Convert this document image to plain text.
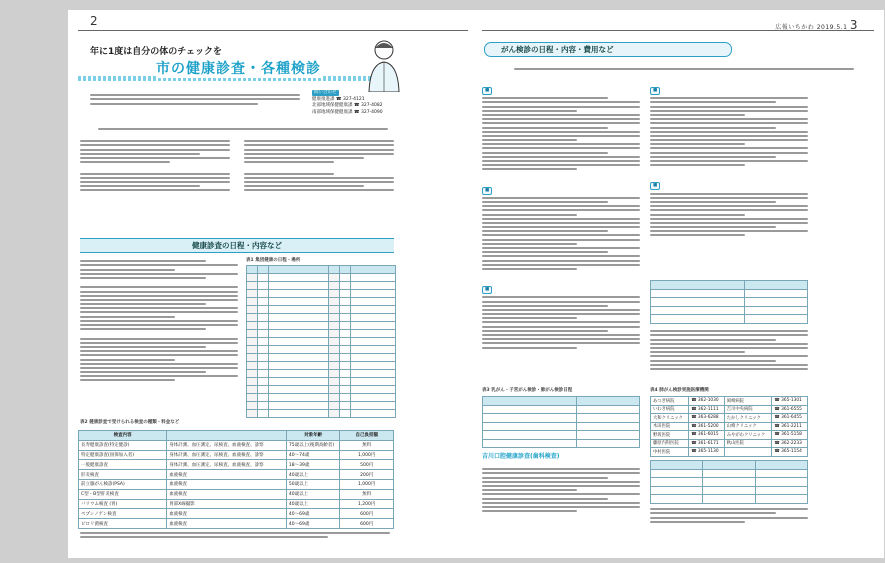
2
年に1度は自分の体のチェックを
市の健康診査・各種検診
問い合わせ
健康推進課 ☎ 327-4121
北部地域保健健康課 ☎ 327-4082
南部地域保健健康課 ☎ 327-4090
健康診査の日程・内容など
表1 集団健康の日程・場所

表2 健康診査で受けられる検査の種類・料金など
検査内容		対象年齢	自己負担額
長寿健康診査(特定健診)	身体計測、血圧測定、尿検査、血液検査、診察	75歳以上(後期高齢者)	無料
特定健康診査(国保加入者)	身体計測、血圧測定、尿検査、血液検査、診察	40〜74歳	1,000円
一般健康診査	身体計測、血圧測定、尿検査、血液検査、診察	18〜39歳	500円
肝炎検査	血液検査	40歳以上	200円
前立腺がん検診(PSA)	血液検査	50歳以上	1,000円
C型・B型肝炎検査	血液検査	40歳以上	無料
バリウム検査 (胃)	胃部X線撮影	40歳以上	1,200円
ペプシノゲン検査	血液検査	40〜69歳	600円
ピロリ菌検査	血液検査	40〜69歳	600円
広報いちかわ 2019.5.1 3
がん検診の日程・内容・費用など
■
■
■
表3 乳がん・子宮がん検診・肺がん検診日程

吉川口腔健康診査(歯科検査)
■
■

表4 肺がん検診実施医療機関
あつぎ病院	☎ 362-1030	岡崎病院	☎ 365-1301
いわき病院	☎ 362-1111	吉川中央病院	☎ 361-6555
大和クリニック	☎ 363-6288	たかしクリニック	☎ 361-6455
木田医院	☎ 361-5200	山崎クリニック	☎ 361-2211
野坂医院	☎ 361-6015	みやがわクリニック	☎ 361-5158
藤原内科医院	☎ 361-6171	秋山医院	☎ 362-2233
中村医院	☎ 365-1130		☎ 365-1154
